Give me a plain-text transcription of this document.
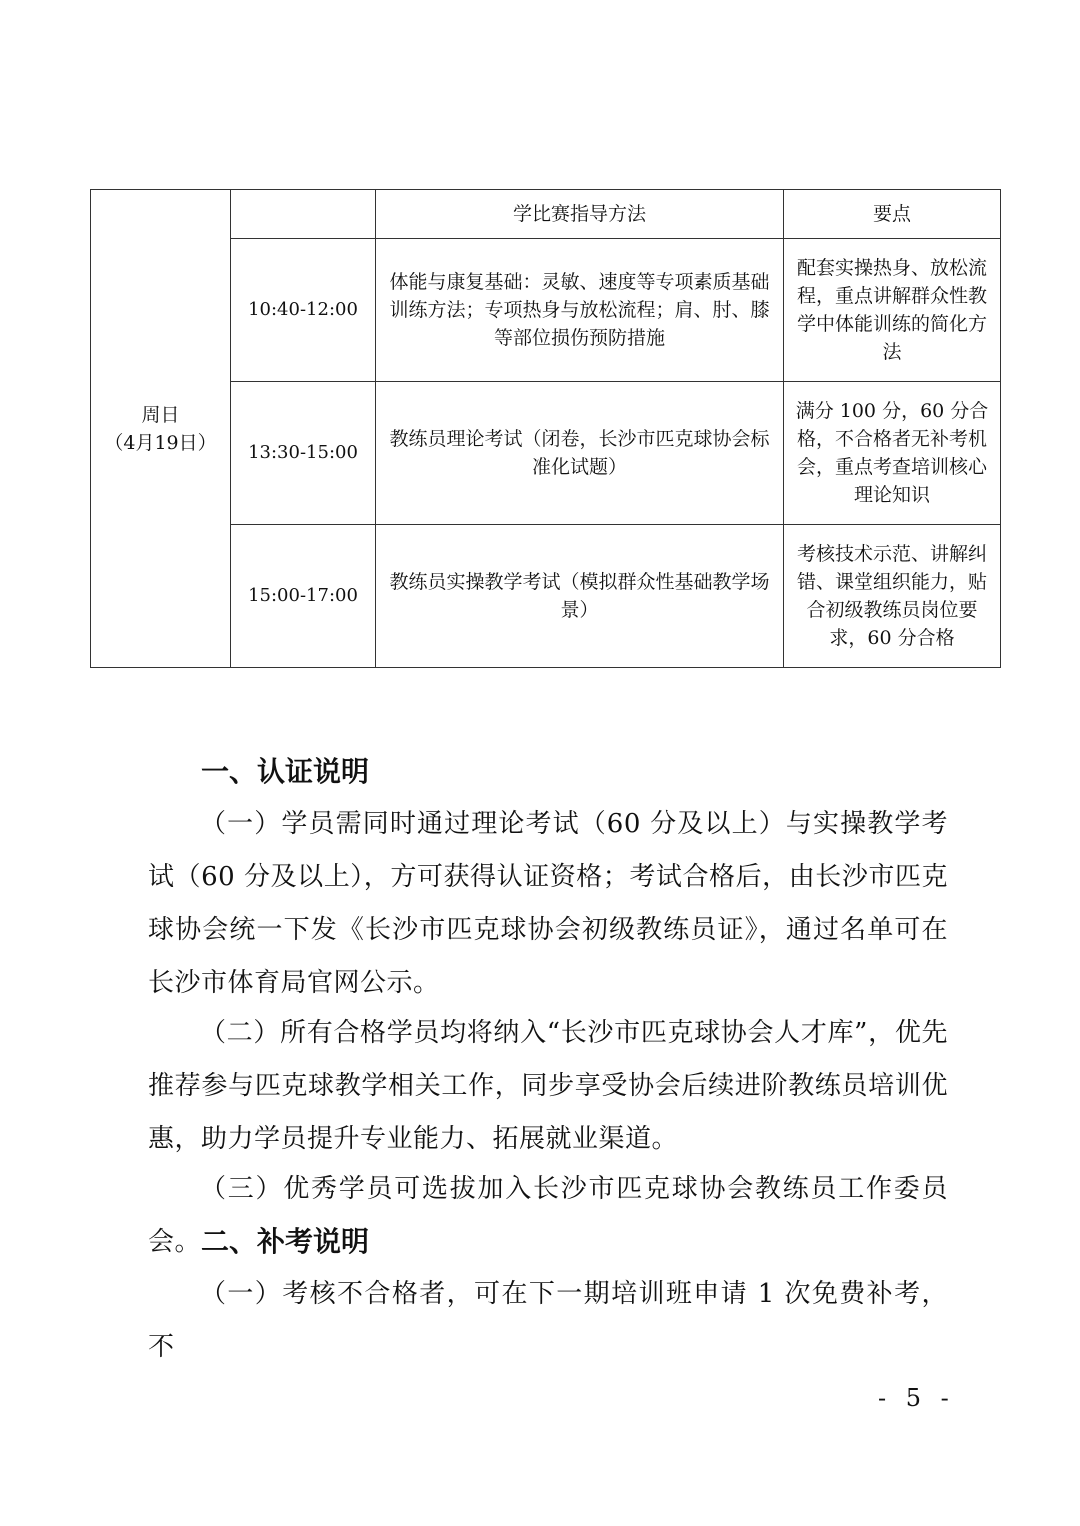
周日
（4月19日）		学比赛指导方法	要点
	10:40-12:00	体能与康复基础：灵敏、速度等专项素质基础训练方法；专项热身与放松流程；肩、肘、膝等部位损伤预防措施	配套实操热身、放松流程，重点讲解群众性教学中体能训练的简化方法
	13:30-15:00	教练员理论考试（闭卷，长沙市匹克球协会标准化试题）	满分 100 分，60 分合格，不合格者无补考机会，重点考查培训核心理论知识
	15:00-17:00	教练员实操教学考试（模拟群众性基础教学场景）	考核技术示范、讲解纠错、课堂组织能力，贴合初级教练员岗位要求，60 分合格
一、认证说明

（一）学员需同时通过理论考试（60 分及以上）与实操教学考试（60 分及以上），方可获得认证资格；考试合格后，由长沙市匹克球协会统一下发《长沙市匹克球协会初级教练员证》，通过名单可在长沙市体育局官网公示。

（二）所有合格学员均将纳入“长沙市匹克球协会人才库”，优先推荐参与匹克球教学相关工作，同步享受协会后续进阶教练员培训优惠，助力学员提升专业能力、拓展就业渠道。

（三）优秀学员可选拔加入长沙市匹克球协会教练员工作委员会。 二、补考说明

（一）考核不合格者，可在下一期培训班申请 1 次免费补考，不

- 5 -
